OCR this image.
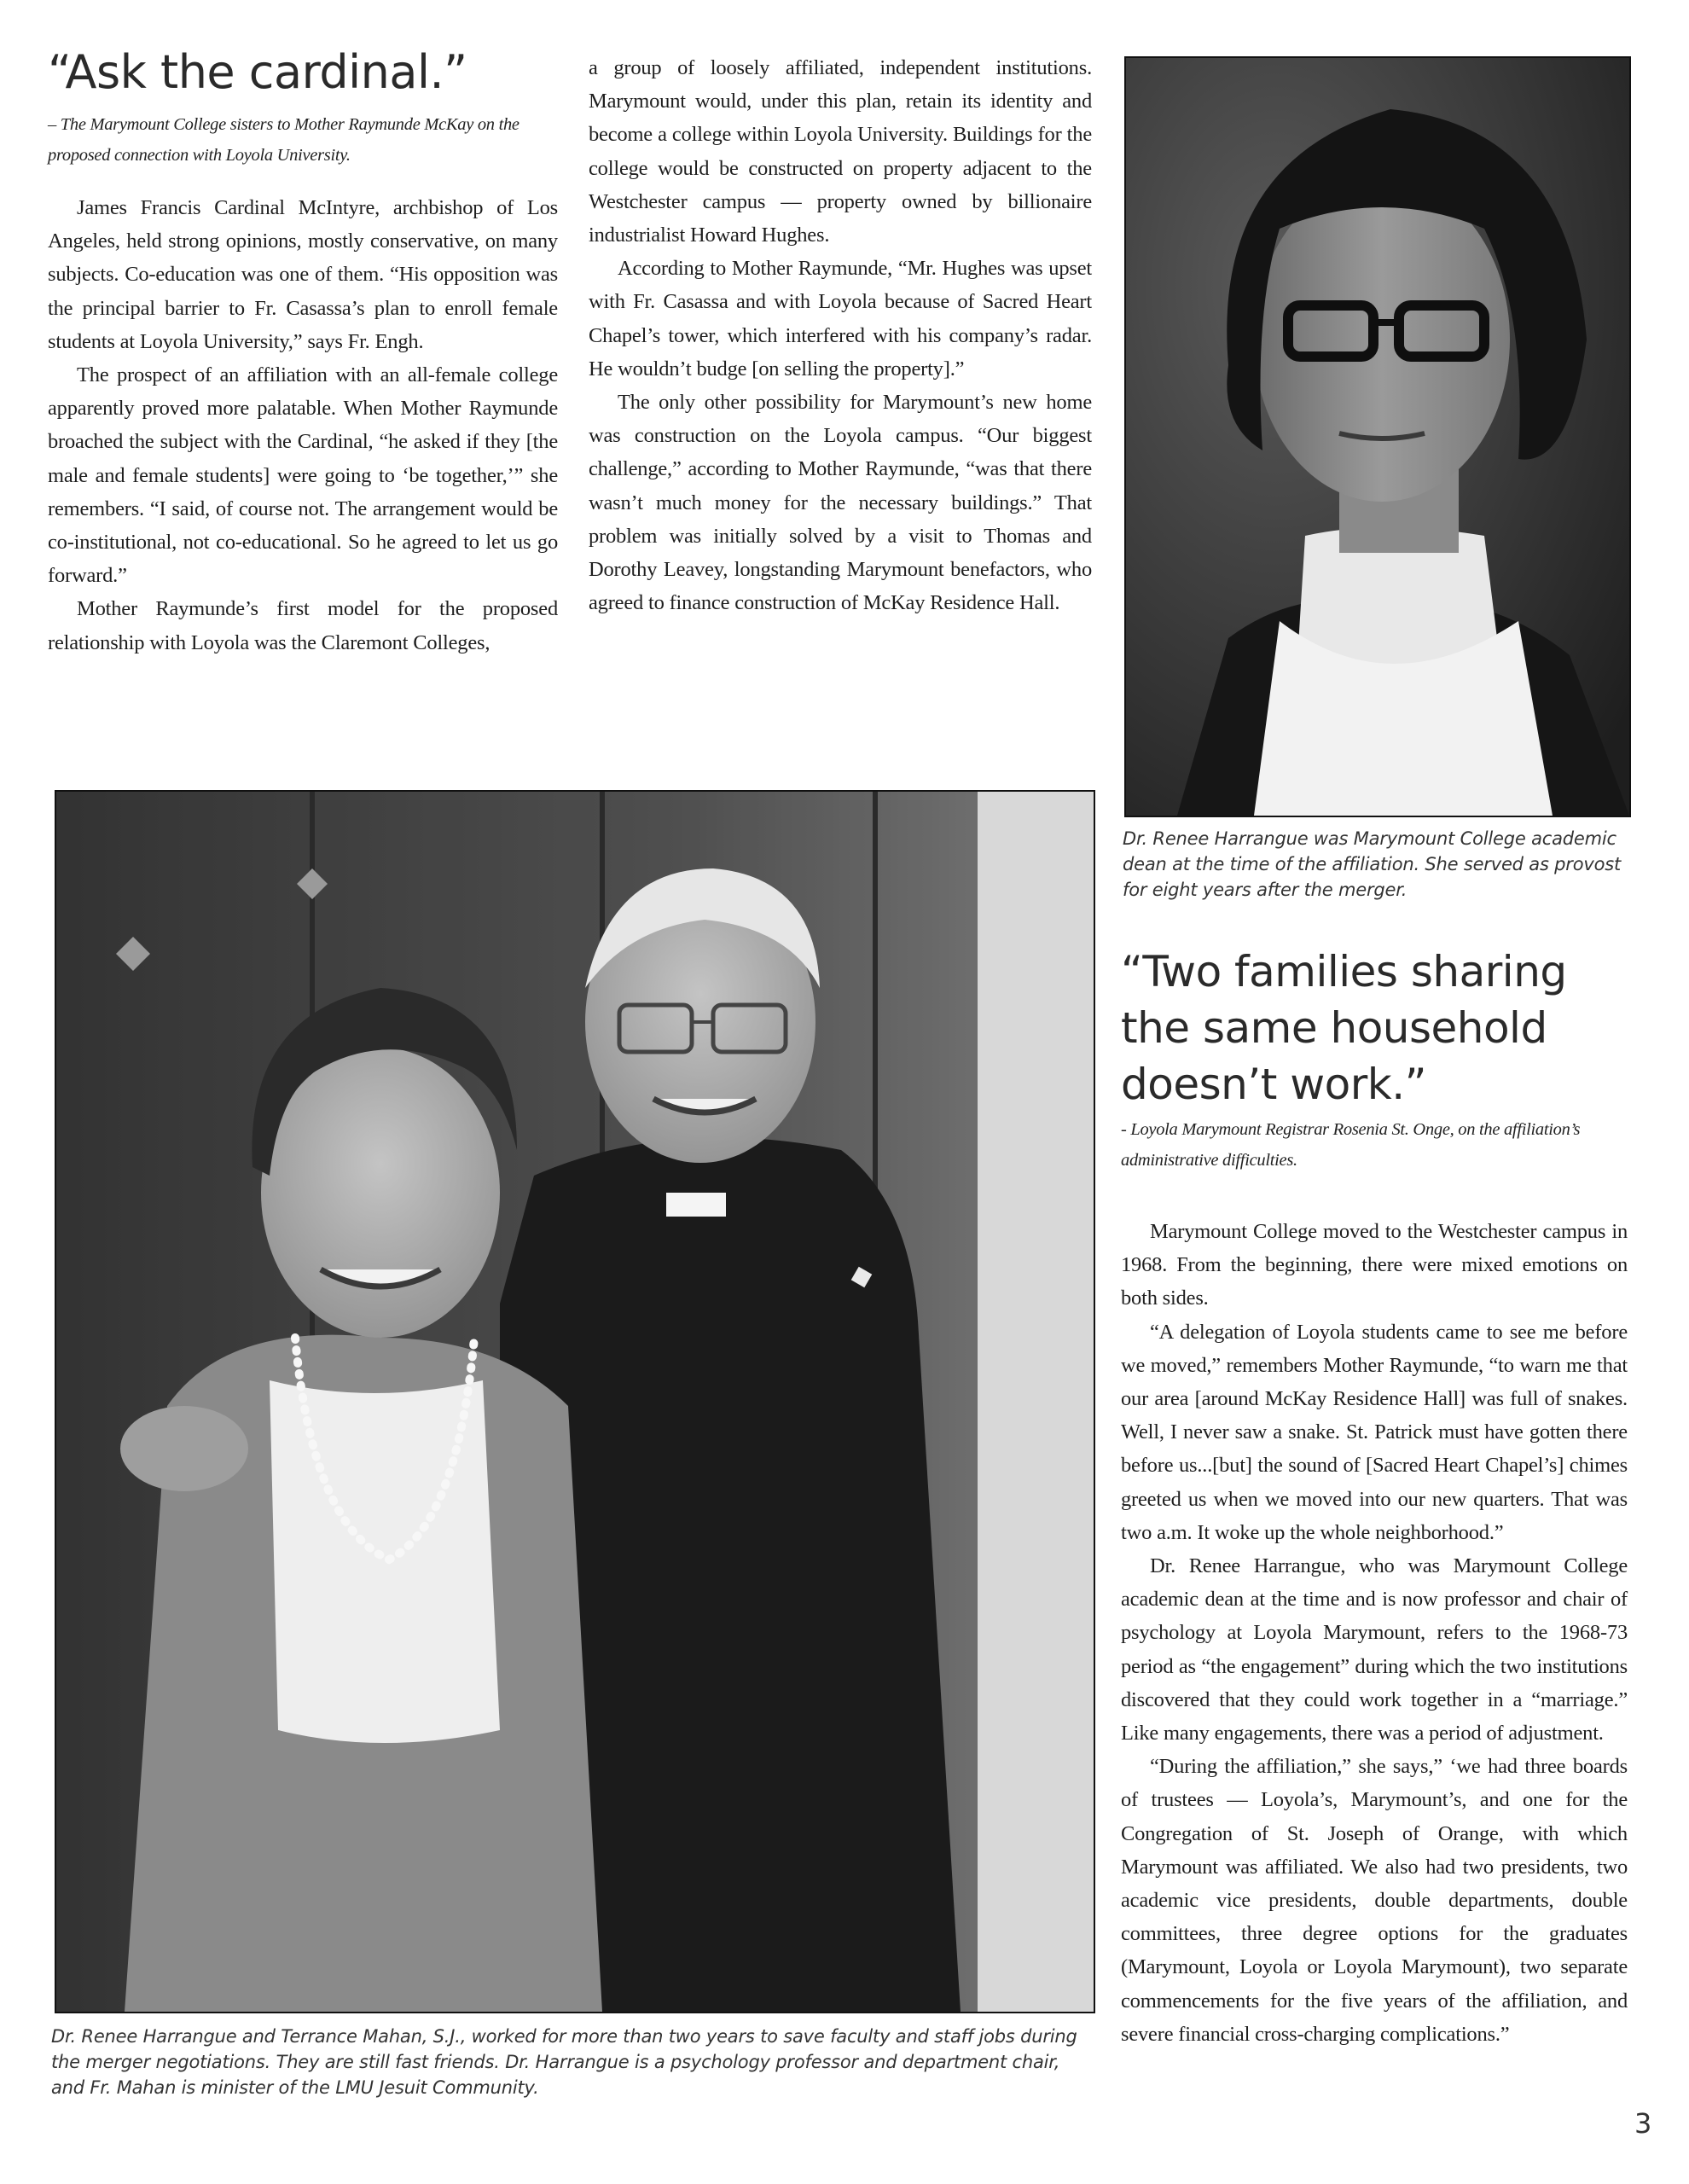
“Ask the cardinal.”

– The Marymount College sisters to Mother Raymunde McKay on the proposed connection with Loyola University.

James Francis Cardinal McIntyre, archbishop of Los Angeles, held strong opinions, mostly conservative, on many subjects. Co-education was one of them. “His opposition was the principal barrier to Fr. Casassa’s plan to enroll female students at Loyola University,” says Fr. Engh.

The prospect of an affiliation with an all-female college apparently proved more palatable. When Mother Raymunde broached the subject with the Cardinal, “he asked if they [the male and female students] were going to ‘be together,’” she remembers. “I said, of course not. The arrangement would be co-institutional, not co-educational. So he agreed to let us go forward.”

Mother Raymunde’s first model for the proposed relationship with Loyola was the Claremont Colleges,

a group of loosely affiliated, independent institutions. Marymount would, under this plan, retain its identity and become a college within Loyola University. Buildings for the college would be constructed on property adjacent to the Westchester campus — property owned by billionaire industrialist Howard Hughes.

According to Mother Raymunde, “Mr. Hughes was upset with Fr. Casassa and with Loyola because of Sacred Heart Chapel’s tower, which interfered with his company’s radar. He wouldn’t budge [on selling the property].”

The only other possibility for Marymount’s new home was construction on the Loyola campus. “Our biggest challenge,” according to Mother Raymunde, “was that there wasn’t much money for the necessary buildings.” That problem was initially solved by a visit to Thomas and Dorothy Leavey, longstanding Marymount benefactors, who agreed to finance construction of McKay Residence Hall.

Dr. Renee Harrangue was Marymount College academic dean at the time of the affiliation. She served as provost for eight years after the merger.

Dr. Renee Harrangue and Terrance Mahan, S.J., worked for more than two years to save faculty and staff jobs during the merger negotiations. They are still fast friends. Dr. Harrangue is a psychology professor and department chair, and Fr. Mahan is minister of the LMU Jesuit Community.

“Two families sharing
the same household
doesn’t work.”

- Loyola Marymount Registrar Rosenia St. Onge, on the affiliation’s administrative difficulties.

Marymount College moved to the Westchester campus in 1968. From the beginning, there were mixed emotions on both sides.

“A delegation of Loyola students came to see me before we moved,” remembers Mother Raymunde, “to warn me that our area [around McKay Residence Hall] was full of snakes. Well, I never saw a snake. St. Patrick must have gotten there before us...[but] the sound of [Sacred Heart Chapel’s] chimes greeted us when we moved into our new quarters. That was two a.m. It woke up the whole neighborhood.”

Dr. Renee Harrangue, who was Marymount College academic dean at the time and is now professor and chair of psychology at Loyola Marymount, refers to the 1968-73 period as “the engagement” during which the two institutions discovered that they could work together in a “marriage.” Like many engagements, there was a period of adjustment.

“During the affiliation,” she says,” ‘we had three boards of trustees — Loyola’s, Marymount’s, and one for the Congregation of St. Joseph of Orange, with which Marymount was affiliated. We also had two presidents, two academic vice presidents, double departments, double committees, three degree options for the graduates (Marymount, Loyola or Loyola Marymount), two separate commencements for the five years of the affiliation, and severe financial cross-charging complications.”

3
